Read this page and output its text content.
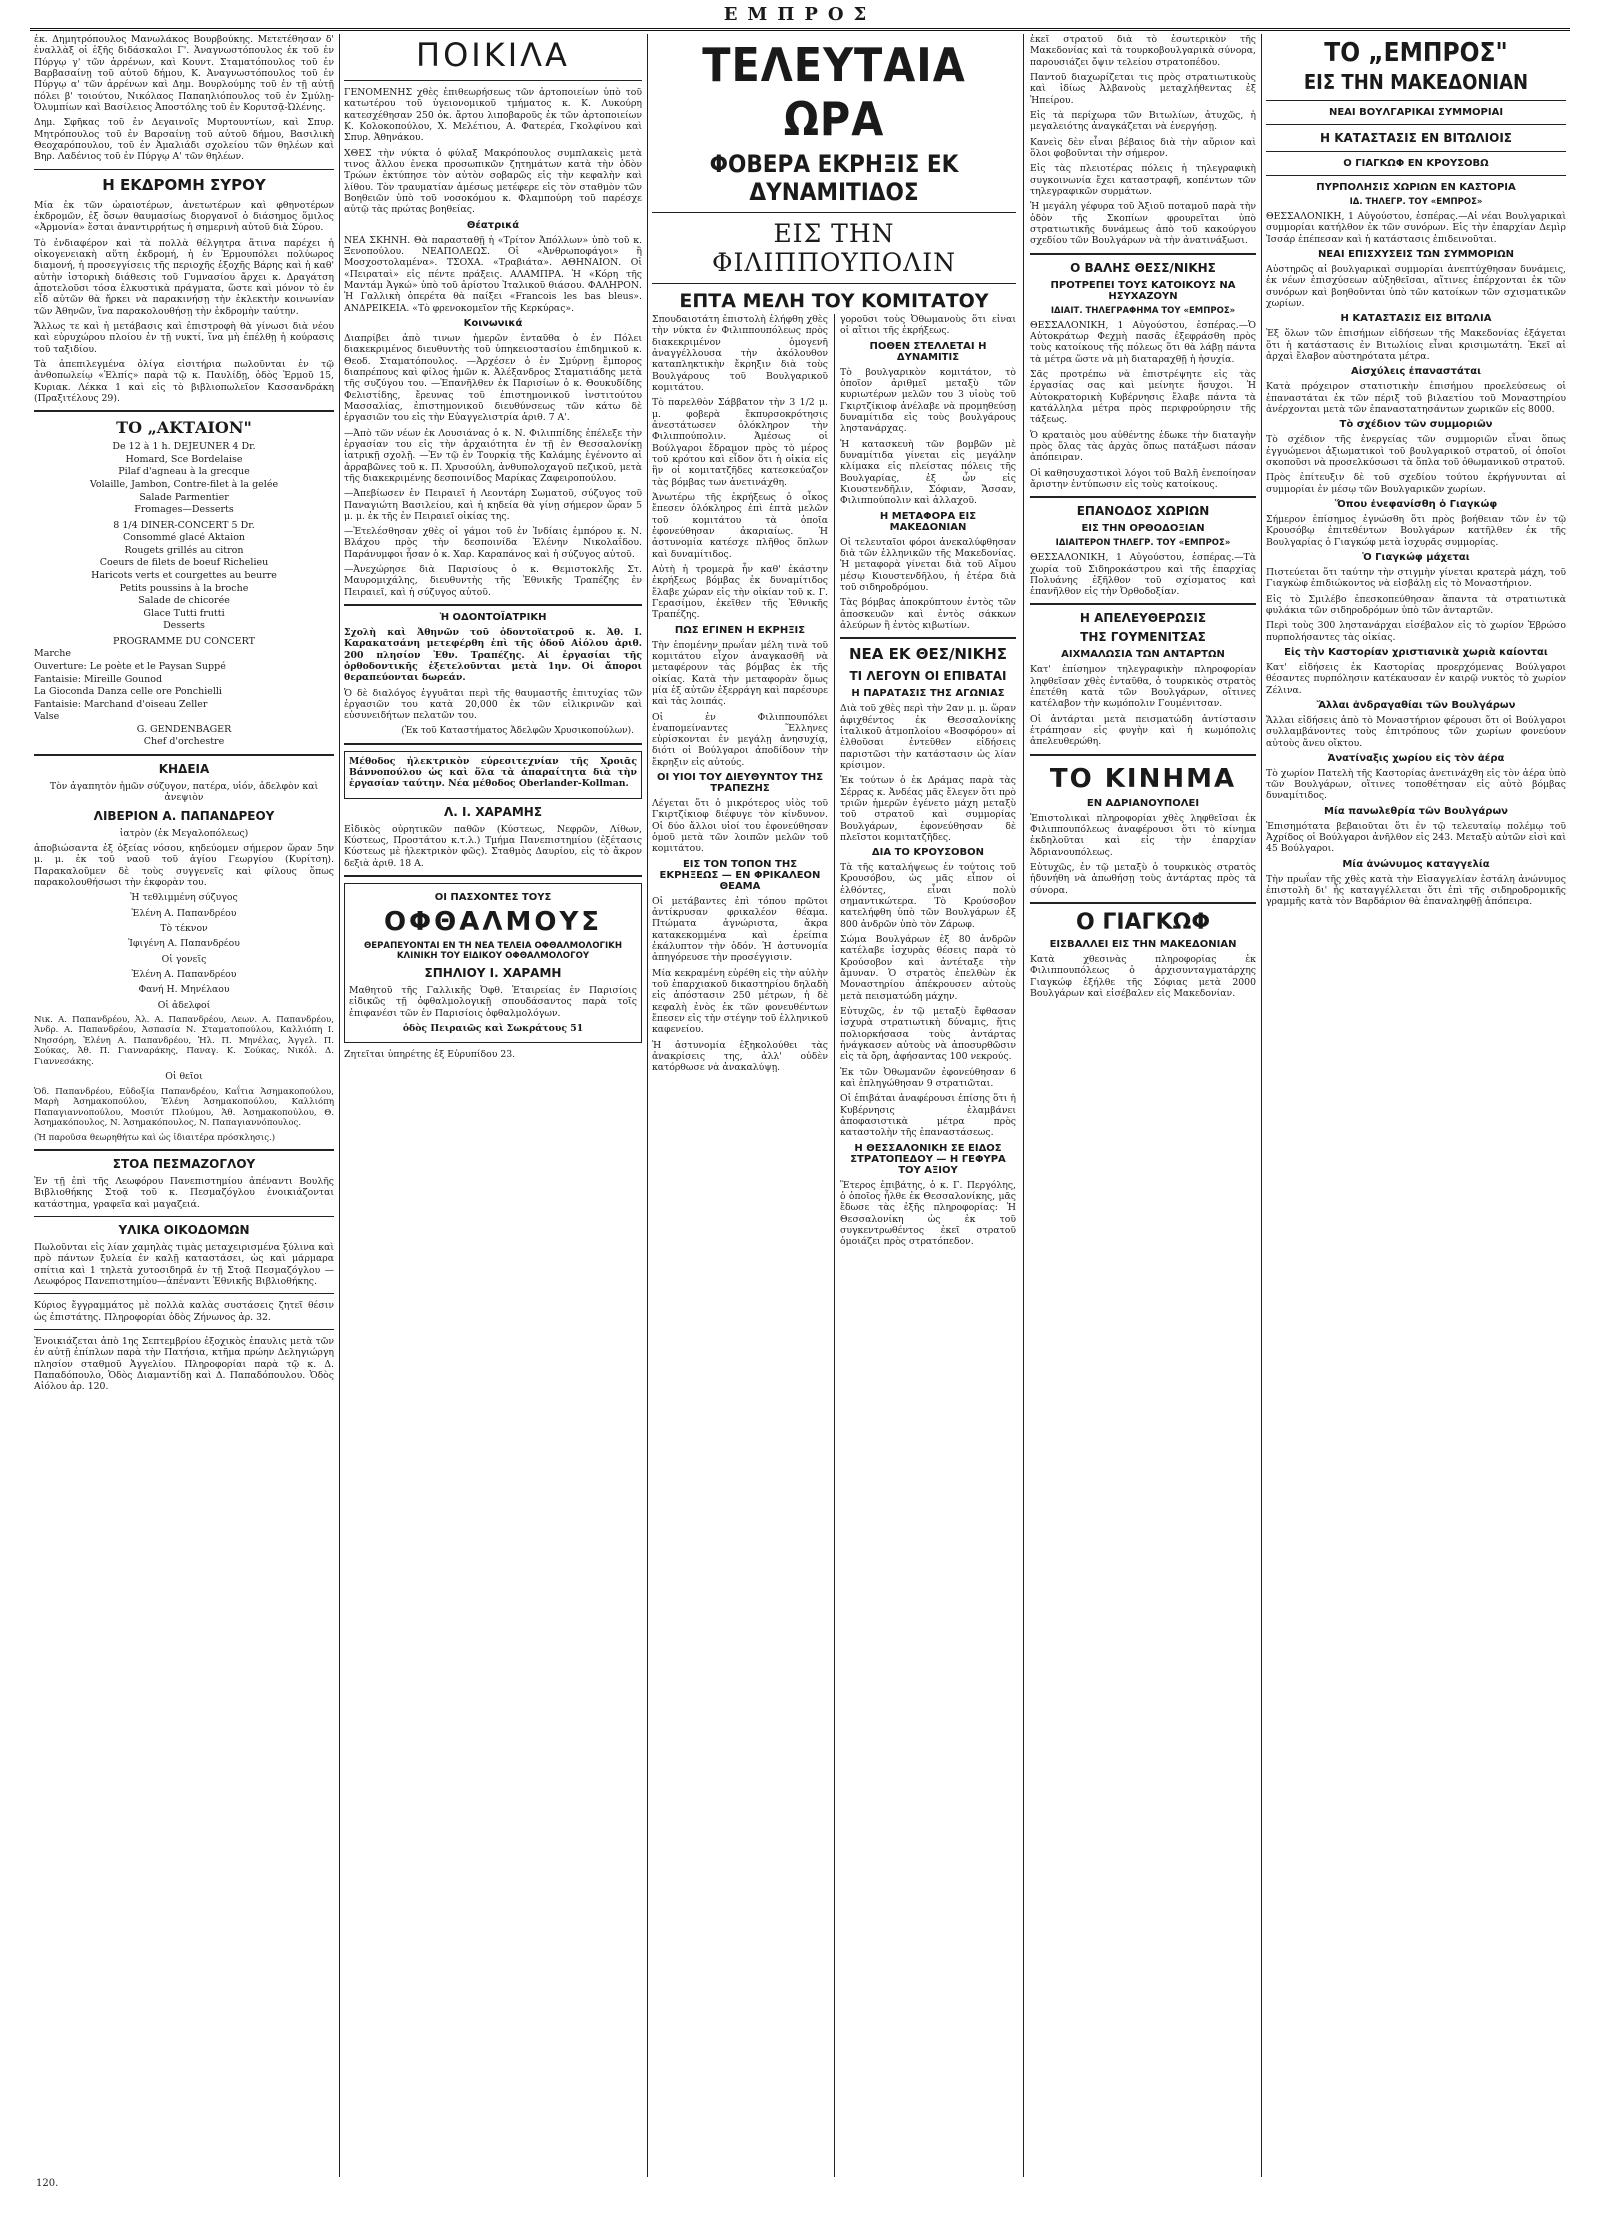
ΕΜΠΡΟΣ

ἐκ. Δημητρόπουλος Μανωλάκος Βουρβούκης. Μετετέθησαν δ' ἐναλλὰξ οἱ ἑξῆς διδάσκαλοι Γ'. Ἀναγνωστόπουλος ἐκ τοῦ ἐν Πύργῳ γ' τῶν ἀρρένων, καὶ Κουντ. Σταματόπουλος τοῦ ἐν Βαρβασαίνῃ τοῦ αὐτοῦ δήμου, Κ. Ἀναγνωστόπουλος τοῦ ἐν Πύργῳ α' τῶν ἀρρένων καὶ Δημ. Βουρλούμης τοῦ ἐν τῇ αὐτῇ πόλει β' τοιούτου, Νικόλαος Παπαηλιόπουλος τοῦ ἐν Σμύλῃ-Ὀλυμπίων καὶ Βασίλειος Ἀποστόλης τοῦ ἐν Κορυτσᾷ-Ὠλένης.

Δημ. Σφῆκας τοῦ ἐν Δεγαινοῖς Μυρτουντίων, καὶ Σπυρ. Μητρόπουλος τοῦ ἐν Βαρσαίνῃ τοῦ αὐτοῦ δήμου, Βασιλικὴ Θεοχαρόπουλου, τοῦ ἐν Ἀμαλιάδι σχολείου τῶν θηλέων καὶ Βηρ. Λαδένιος τοῦ ἐν Πύργῳ Α' τῶν θηλέων.

Η ΕΚΔΡΟΜΗ ΣΥΡΟΥ

Μία ἐκ τῶν ὡραιοτέρων, ἀνετωτέρων καὶ φθηνοτέρων ἐκδρομῶν, ἐξ ὅσων θαυμασίως διοργανοῖ ὁ διάσημος ὅμιλος «Ἀρμονία» ἔσται ἀναντιρρήτως ἡ σημερινὴ αὐτοῦ διὰ Σύρου.

Τὸ ἐνδιαφέρον καὶ τὰ πολλὰ θέλγητρα ἅτινα παρέχει ἡ οἰκογενειακὴ αὕτη ἐκδρομή, ἡ ἐν Ἑρμουπόλει πολύωρος διαμονή, ἡ προσεγγίσεις τῆς περιοχῆς ἐξοχῆς Βάρης καὶ ἡ καθ' αὐτὴν ἱστορικὴ διάθεσις τοῦ Γυμνασίου ἄρχει κ. Δραγάτση ἀποτελοῦσι τόσα ἐλκυστικὰ πράγματα, ὥστε καὶ μόνον τὸ ἐν εἶδ αὐτῶν θὰ ἤρκει νὰ παρακινήσῃ τὴν ἐκλεκτὴν κοινωνίαν τῶν Ἀθηνῶν, ἵνα παρακολουθήσῃ τὴν ἐκδρομὴν ταύτην.

Ἄλλως τε καὶ ἡ μετάβασις καὶ ἐπιστροφὴ θὰ γίνωσι διὰ νέου καὶ εὐρυχώρου πλοίου ἐν τῇ νυκτί, ἵνα μὴ ἐπέλθῃ ἡ κούρασις τοῦ ταξιδίου.

Τὰ ἀπεπιλεγμένα ὀλίγα εἰσιτήρια πωλοῦνται ἐν τῷ ἀνθοπωλείῳ «Ἐλπίς» παρὰ τῷ κ. Παυλίδῃ, ὁδὸς Ἑρμοῦ 15, Κυριακ. Λέκκα 1 καὶ εἰς τὸ βιβλιοπωλεῖον Κασσανδράκη (Πραξιτέλους 29).

ΤΟ „ΑΚΤΑΙΟΝ"

De 12 à 1 h. DEJEUNER 4 Dr.

Homard, Sce Bordelaise

Pilaf d'agneau à la grecque

Volaille, Jambon, Contre-filet à la gelée

Salade Parmentier

Fromages—Desserts

8 1/4 DINER-CONCERT 5 Dr.

Consommé glacé Aktaion

Rougets grillés au citron

Coeurs de filets de boeuf Richelieu

Haricots verts et courgettes au beurre

Petits poussins à la broche

Salade de chicorée

Glace Tutti frutti

Desserts

PROGRAMME DU CONCERT

Marche

Ouverture: Le poète et le Paysan Suppé

Fantaisie: Mireille Gounod

La Gioconda Danza celle ore Ponchielli

Fantaisie: Marchand d'oiseau Zeller

Valse

G. GENDENBAGER

Chef d'orchestre

ΚΗΔΕΙΑ

Τὸν ἀγαπητὸν ἡμῶν σύζυγον, πατέρα, υἱόν, ἀδελφὸν καὶ ἀνεψιὸν

ΛΙΒΕΡΙΟΝ Α. ΠΑΠΑΝΔΡΕΟΥ

ἰατρὸν (ἐκ Μεγαλοπόλεως)

ἀποβιώσαντα ἐξ ὀξείας νόσου, κηδεύομεν σήμερον ὥραν 5ην μ. μ. ἐκ τοῦ ναοῦ τοῦ ἁγίου Γεωργίου (Κυρίτση). Παρακαλοῦμεν δὲ τοὺς συγγενεῖς καὶ φίλους ὅπως παρακολουθήσωσι τὴν ἐκφορὰν του.

Ἡ τεθλιμμένη σύζυγος

Ἑλένη Α. Παπανδρέου

Τὸ τέκνον

Ἰφιγένη Α. Παπανδρέου

Οἱ γονεῖς

Ἑλένη Α. Παπανδρέου

Φανή Η. Μηνέλαου

Οἱ ἀδελφοί

Νικ. Α. Παπανδρέου, Ἀλ. Α. Παπανδρέου, Λεων. Α. Παπανδρέου, Ἀνδρ. Α. Παπανδρέου, Ἀσπασία Ν. Σταματοπούλου, Καλλιόπη Ι. Νησσόρη, Ἑλένη Α. Παπανδρέου, Ἠλ. Π. Μηνέλας, Ἀγγελ. Π. Σούκας, Ἀθ. Π. Γιανναράκης, Παναγ. Κ. Σούκας, Νικόλ. Δ. Γιαννεσάκης.

Οἱ θεῖοι

Ὁδ. Παπανδρέου, Εὐδοξία Παπανδρέου, Καΐτια Ἀσημακοπούλου, Μαρὴ Ἀσημακοπούλου, Ἑλένη Ἀσημακοπούλου, Καλλιόπη Παπαγιαννοπούλου, Μοσιύτ Πλούμου, Ἀθ. Ἀσημακοπούλου, Θ. Ἀσημακόπουλος, Ν. Ἀσημακόπουλος, Ν. Παπαγιαννόπουλος.

(Ἡ παροῦσα θεωρηθήτω καὶ ὡς ἰδιαιτέρα πρόσκλησις.)

ΣΤΟΑ ΠΕΣΜΑΖΟΓΛΟΥ

Ἐν τῇ ἐπὶ τῆς Λεωφόρου Πανεπιστημίου ἀπέναντι Βουλῆς Βιβλιοθήκης Στοᾷ τοῦ κ. Πεσμαζόγλου ἐνοικιάζονται κατάστημα, γραφεῖα καὶ μαγαζειά.

ΥΛΙΚΑ ΟΙΚΟΔΟΜΩΝ

Πωλοῦνται εἰς λίαν χαμηλὰς τιμὰς μεταχειρισμένα ξύλινα καὶ πρὸ πάντων ξυλεία ἐν καλῇ καταστάσει, ὡς καὶ μάρμαρα σπίτια καὶ 1 τηλετὰ χυτοσιδηρᾶ ἐν τῇ Στοᾷ Πεσμαζόγλου — Λεωφόρος Πανεπιστημίου—ἀπέναντι Ἐθνικῆς Βιβλιοθήκης.

Κύριος ἔγγραμμάτος μὲ πολλὰ καλὰς συστάσεις ζητεῖ θέσιν ὡς ἐπιστάτης. Πληροφορίαι ὁδὸς Ζήνωνος ἀρ. 32.

Ἐνοικιάζεται ἀπὸ 1ης Σεπτεμβρίου ἐξοχικὸς ἐπαυλις μετὰ τῶν ἐν αὐτῇ ἐπίπλων παρὰ τὴν Πατήσια, κτῆμα πρώην Δεληγιώργη πλησίον σταθμοῦ Ἀγγελίου. Πληροφορίαι παρὰ τῷ κ. Δ. Παπαδόπουλο, Ὁδὸς Διαμαντίδῃ καὶ Δ. Παπαδόπουλου. Ὁδὸς Αἰόλου ἀρ. 120.

ΠΟΙΚΙΛΑ

ΓΕΝΟΜΕΝΗΣ χθὲς ἐπιθεωρήσεως τῶν ἀρτοποιείων ὑπὸ τοῦ κατωτέρου τοῦ ὑγειονομικοῦ τμήματος κ. Κ. Λυκούρη κατεσχέθησαν 250 ὀκ. ἄρτου λιποβαροῦς ἐκ τῶν ἀρτοποιείων Κ. Κολοκοπούλου, Χ. Μελέτιου, Α. Φατερέα, Γκολφίνου καὶ Σπυρ. Ἀθηνάκου.

ΧΘΕΣ τὴν νύκτα ὁ φύλαξ Μακρόπουλος συμπλακεὶς μετὰ τινος ἄλλου ἐνεκα προσωπικῶν ζητημάτων κατὰ τὴν ὁδὸν Τρώων ἐκτύπησε τὸν αὐτὸν σοβαρῶς εἰς τὴν κεφαλὴν καὶ λίθου. Τὸν τραυματίαν ἀμέσως μετέφερε εἰς τὸν σταθμὸν τῶν Βοηθειῶν ὑπὸ τοῦ νοσοκόμου κ. Φλαμπούρη τοῦ παρέσχε αὐτῷ τὰς πρώτας βοηθείας.

Θέατρικά

ΝΕΑ ΣΚΗΝΗ. Θὰ παρασταθῇ ἡ «Τρίτον Ἀπόλλων» ὑπὸ τοῦ κ. Ξενοπούλου. ΝΕΑΠΟΛΕΩΣ. Οἱ «Ἀνθρωποφάγοι» ἢ Μοσχοστολαμένα». ΤΣΟΧΑ. «Τραβιάτα». ΑΘΗΝΑΙΟΝ. Οἱ «Πειραταὶ» εἰς πέντε πράξεις. ΑΛΑΜΠΡΑ. Ἡ «Κόρη τῆς Μαντάμ Ἀγκώ» ὑπὸ τοῦ ἀρίστου Ἰταλικοῦ θιάσου. ΦΑΛΗΡΟΝ. Ἡ Γαλλικὴ ὀπερέτα θὰ παίξει «Francois les bas bleus». ΑΝΔΡΕΙΚΕΙΑ. «Τὸ φρενοκομεῖον τῆς Κερκύρας».

Κοινωνικά

Διαπρίβει ἀπὸ τινων ἡμερῶν ἐνταῦθα ὁ ἐν Πόλει διακεκριμένος διευθυντὴς τοῦ ὑπηκειοστασίου ἐπιδημικοῦ κ. Θεοδ. Σταματόπουλος. —Ἀρχέσεν ὁ ἐν Σμύρνῃ ἔμπορος διαπρέπους καὶ φίλος ἡμῶν κ. Ἀλέξανδρος Σταματιάδης μετὰ τῆς συζύγου του. —Ἐπανῆλθεν ἐκ Παρισίων ὁ κ. Θουκυδίδης Φελιστίδης, ἔρευνας τοῦ ἐπιστημονικοῦ ἰνστιτούτου Μασσαλίας, ἐπιστημονικοῦ διευθύνσεως τῶν κάτω δὲ ἐργασιῶν του εἰς τὴν Εὐαγγελιστρία ἀριθ. 7 Α'.

—Ἀπὸ τῶν νέων ἐκ Λουσιάνας ὁ κ. Ν. Φιλιππίδης ἐπέλεξε τὴν ἐργασίαν του εἰς τὴν ἀρχαιότητα ἐν τῇ ἐν Θεσσαλονίκῃ ἰατρικῇ σχολῇ. —Ἐν τῷ ἐν Τουρκίᾳ τῆς Καλάμης ἐγένοντο αἱ ἀρραβῶνες τοῦ κ. Π. Χρυσούλη, ἀνθυπολοχαγοῦ πεζικοῦ, μετὰ τῆς διακεκριμένης δεσποινίδος Μαρίκας Ζαφειροπούλου.

—Ἀπεβίωσεν ἐν Πειραιεῖ ἡ Λεοντάρη Σωματοῦ, σύζυγος τοῦ Παναγιώτη Βασιλείου, καὶ ἡ κηδεία θὰ γίνῃ σήμερον ὥραν 5 μ. μ. ἐκ τῆς ἐν Πειραιεῖ οἰκίας της.

—Ἐτελέσθησαν χθὲς οἱ γάμοι τοῦ ἐν Ἰνδίαις ἐμπόρου κ. Ν. Βλάχου πρὸς τὴν δεσποινίδα Ἑλένην Νικολαΐδου. Παράνυμφοι ἦσαν ὁ κ. Χαρ. Καραπάνος καὶ ἡ σύζυγος αὐτοῦ.

—Ἀνεχώρησε διὰ Παρισίους ὁ κ. Θεμιστοκλῆς Στ. Μαυρομιχάλης, διευθυντὴς τῆς Ἐθνικῆς Τραπέζης ἐν Πειραιεῖ, καὶ ἡ σύζυγος αὐτοῦ.

Ἡ ΟΔΟΝΤΟΪΑΤΡΙΚΗ

Σχολὴ καὶ Ἀθηνῶν τοῦ ὀδοντοϊατροῦ κ. Ἀθ. Ι. Καρακατσάνη μετεφέρθη ἐπὶ τῆς ὁδοῦ Αἰόλου ἀριθ. 200 πλησίον Ἐθν. Τραπέζης. Αἱ ἐργασίαι τῆς ὀρθοδοντικῆς ἐξετελοῦνται μετὰ 1ην. Οἱ ἄποροι θεραπεύονται δωρεάν.

Ὁ δὲ διαλόγος ἐγγυᾶται περὶ τῆς θαυμαστῆς ἐπιτυχίας τῶν ἐργασιῶν του κατὰ 20,000 ἐκ τῶν εἰλικρινῶν καὶ εὐσυνειδήτων πελατῶν του.

(Ἐκ τοῦ Καταστήματος Ἀδελφῶν Χρυσικοπούλων).

Μέθοδος ἠλεκτρικὸν εὐρεσιτεχνίαν τῆς Χροιᾶς Βάννοπούλου ὡς καὶ ὅλα τὰ ἀπαραίτητα διὰ τὴν ἐργασίαν ταύτην. Νέα μέθοδος Oberlander-Kollman.

Λ. Ι. ΧΑΡΑΜΗΣ

Εἰδικὸς οὐρητικῶν παθῶν (Κύστεως, Νεφρῶν, Λίθων, Κύστεως, Προστάτου κ.τ.λ.) Τμήμα Πανεπιστημίου (ἐξέτασις Κύστεως μὲ ἠλεκτρικὸν φῶς). Σταθμὸς Δαυρίου, εἰς τὸ ἄκρον δεξιὰ ἀριθ. 18 Α.

ΟΙ ΠΑΣΧΟΝΤΕΣ ΤΟΥΣ
ΟΦΘΑΛΜΟΥΣ
ΘΕΡΑΠΕΥΟΝΤΑΙ ΕΝ ΤΗ ΝΕΑ ΤΕΛΕΙΑ ΟΦΘΑΛΜΟΛΟΓΙΚΗ ΚΛΙΝΙΚΗ ΤΟΥ ΕΙΔΙΚΟΥ ΟΦΘΑΛΜΟΛΟΓΟΥ
ΣΠΗΛΙΟΥ Ι. ΧΑΡΑΜΗ

Μαθητοῦ τῆς Γαλλικῆς Ὀφθ. Ἑταιρείας ἐν Παρισίοις εἰδικῶς τῇ ὀφθαλμολογικῇ σπουδάσαντος παρὰ τοῖς ἐπιφανέσι τῶν ἐν Παρισίοις ὀφθαλμολόγων.

ὁδὸς Πειραιῶς καὶ Σωκράτους 51

Ζητεῖται ὑπηρέτης ἐξ Εὐρυπίδου 23.

ΤΕΛΕΥΤΑΙΑ ΩΡΑ
ΦΟΒΕΡΑ ΕΚΡΗΞΙΣ ΕΚ ΔΥΝΑΜΙΤΙΔΟΣ
ΕΙΣ ΤΗΝ ΦΙΛΙΠΠΟΥΠΟΛΙΝ
ΕΠΤΑ ΜΕΛΗ ΤΟΥ ΚΟΜΙΤΑΤΟΥ

Σπουδαιοτάτη ἐπιστολὴ ἐλήφθη χθὲς τὴν νύκτα ἐν Φιλιππουπόλεως πρὸς διακεκριμένον ὁμογενῆ ἀναγγέλλουσα τὴν ἀκόλουθον καταπληκτικὴν ἔκρηξιν διὰ τοὺς Βουλγάρους τοῦ Βουλγαρικοῦ κομιτάτου.

Τὸ παρελθὸν Σάββατον τὴν 3 1/2 μ. μ. φοβερὰ ἔκπυρσοκρότησις ἀνεστάτωσεν ὁλόκληρον τὴν Φιλιππούπολιν. Ἀμέσως οἱ Βούλγαροι ἔδραμον πρὸς τὸ μέρος τοῦ κρότου καὶ εἶδον ὅτι ἡ οἰκία εἰς ἣν οἱ κομιτατζῆδες κατεσκεύαζον τὰς βόμβας των ἀνετινάχθη.

Ἀνωτέρω τῆς ἐκρήξεως ὁ οἶκος ἔπεσεν ὁλόκληρος ἐπὶ ἑπτὰ μελῶν τοῦ κομιτάτου τὰ ὁποῖα ἐφονεύθησαν ἀκαριαίως. Ἡ ἀστυνομία κατέσχε πλῆθος ὅπλων καὶ δυναμίτιδος.

Αὐτὴ ἡ τρομερὰ ἦν καθ' ἐκάστην ἐκρήξεως βόμβας ἐκ δυναμίτιδος ἔλαβε χώραν εἰς τὴν οἰκίαν τοῦ κ. Γ. Γερασίμου, ἐκεῖθεν τῆς Ἐθνικῆς Τραπέζης.

ΠΩΣ ΕΓΙΝΕΝ Η ΕΚΡΗΞΙΣ

Τὴν ἑπομένην πρωΐαν μέλη τινὰ τοῦ κομιτάτου εἶχον ἀναγκασθῆ νὰ μεταφέρουν τὰς βόμβας ἐκ τῆς οἰκίας. Κατὰ τὴν μεταφορὰν ὅμως μία ἐξ αὐτῶν ἐξερράγη καὶ παρέσυρε καὶ τὰς λοιπάς.

Οἱ ἐν Φιλιππουπόλει ἐναπομείναντες Ἕλληνες εὑρίσκονται ἐν μεγάλῃ ἀνησυχίᾳ, διότι οἱ Βούλγαροι ἀποδίδουν τὴν ἔκρηξιν εἰς αὐτούς.

ΟΙ ΥΙΟΙ ΤΟΥ ΔΙΕΥΘΥΝΤΟΥ ΤΗΣ ΤΡΑΠΕΖΗΣ

Λέγεται ὅτι ὁ μικρότερος υἱὸς τοῦ Γκιρτζίκιοφ διέφυγε τὸν κίνδυνον. Οἱ δύο ἄλλοι υἱοί του ἐφονεύθησαν ὁμοῦ μετὰ τῶν λοιπῶν μελῶν τοῦ κομιτάτου.

ΕΙΣ ΤΟΝ ΤΟΠΟΝ ΤΗΣ ΕΚΡΗΞΕΩΣ — ΕΝ ΦΡΙΚΑΛΕΟΝ ΘΕΑΜΑ

Οἱ μετάβαντες ἐπὶ τόπου πρῶτοι ἀντίκρυσαν φρικαλέον θέαμα. Πτώματα ἀγνώριστα, ἄκρα κατακεκομμένα καὶ ἐρείπια ἐκάλυπτον τὴν ὁδόν. Ἡ ἀστυνομία ἀπηγόρευσε τὴν προσέγγισιν.

Μία κεκραμένη εὑρέθη εἰς τὴν αὐλὴν τοῦ ἐπαρχιακοῦ δικαστηρίου δηλαδὴ εἰς ἀπόστασιν 250 μέτρων, ἡ δὲ κεφαλὴ ἑνὸς ἐκ τῶν φονευθέντων ἔπεσεν εἰς τὴν στέγην τοῦ ἐλληνικοῦ καφενείου.

Ἡ ἀστυνομία ἐξηκολούθει τὰς ἀνακρίσεις της, ἀλλ' οὐδὲν κατόρθωσε νὰ ἀνακαλύψῃ.

γοροῦσι τοὺς Ὀθωμανοὺς ὅτι εἶναι οἱ αἴτιοι τῆς ἐκρήξεως.

ΠΟΘΕΝ ΣΤΕΛΛΕΤΑΙ Η ΔΥΝΑΜΙΤΙΣ

Τὸ βουλγαρικὸν κομιτάτον, τὸ ὁποῖον ἀριθμεῖ μεταξὺ τῶν κυριωτέρων μελῶν του 3 υἱοὺς τοῦ Γκιρτζίκιοφ ἀνέλαβε νὰ προμηθεύσῃ δυναμίτιδα εἰς τοὺς βουλγάρους ληστανάρχας.

Ἡ κατασκευὴ τῶν βομβῶν μὲ δυναμίτιδα γίνεται εἰς μεγάλην κλίμακα εἰς πλείστας πόλεις τῆς Βουλγαρίας, ἐξ ὧν εἰς Κιουστενδῆλιν, Σόφιαν, Ἄσσαν, Φιλιππούπολιν καὶ ἀλλαχοῦ.

Η ΜΕΤΑΦΟΡΑ ΕΙΣ ΜΑΚΕΔΟΝΙΑΝ

Οἱ τελευταῖοι φόροι ἀνεκαλύφθησαν διὰ τῶν ἐλληνικῶν τῆς Μακεδονίας. Ἡ μεταφορὰ γίνεται διὰ τοῦ Αἴμου μέσῳ Κιουστενδῆλου, ἡ ἑτέρα διὰ τοῦ σιδηροδρόμου.

Τὰς βόμβας ἀποκρύπτουν ἐντὸς τῶν ἀποσκευῶν καὶ ἐντὸς σάκκων ἀλεύρων ἢ ἐντὸς κιβωτίων.

ΝΕΑ ΕΚ ΘΕΣ/ΝΙΚΗΣ
ΤΙ ΛΕΓΟΥΝ ΟΙ ΕΠΙΒΑΤΑΙ
Η ΠΑΡΑΤΑΣΙΣ ΤΗΣ ΑΓΩΝΙΑΣ

Διὰ τοῦ χθὲς περὶ τὴν 2αν μ. μ. ὥραν ἀφιχθέντος ἐκ Θεσσαλονίκης ἰταλικοῦ ἀτμοπλοίου «Βοσφόρου» αἱ ἐλθοῦσαι ἐντεῦθεν εἰδήσεις παριστῶσι τὴν κατάστασιν ὡς λίαν κρίσιμον.

Ἐκ τούτων ὁ ἐκ Δράμας παρὰ τὰς Σέρρας κ. Ἀνδέας μᾶς ἔλεγεν ὅτι πρὸ τριῶν ἡμερῶν ἐγένετο μάχη μεταξὺ τοῦ στρατοῦ καὶ συμμορίας Βουλγάρων, ἐφονεύθησαν δὲ πλεῖστοι κομιτατζῆδες.

ΔΙΑ ΤΟ ΚΡΟΥΣΟΒΟΝ

Τὰ τῆς καταλήψεως ἐν τούτοις τοῦ Κρουσόβου, ὡς μᾶς εἶπον οἱ ἐλθόντες, εἶναι πολὺ σημαντικώτερα. Τὸ Κρούσοβον κατελήφθη ὑπὸ τῶν Βουλγάρων ἐξ 800 ἀνδρῶν ὑπὸ τὸν Ζάρωφ.

Σώμα Βουλγάρων ἐξ 80 ἀνδρῶν κατέλαβε ἰσχυρὰς θέσεις παρὰ τὸ Κρούσοβον καὶ ἀντέταξε τὴν ἄμυναν. Ὁ στρατὸς ἐπελθὼν ἐκ Μοναστηρίου ἀπέκρουσεν αὐτοὺς μετὰ πεισματώδη μάχην.

Εὐτυχῶς, ἐν τῷ μεταξὺ ἔφθασαν ἰσχυρὰ στρατιωτικὴ δύναμις, ἥτις πολιορκήσασα τοὺς ἀντάρτας ἠνάγκασεν αὐτοὺς νὰ ἀποσυρθῶσιν εἰς τὰ ὄρη, ἀφήσαντας 100 νεκρούς.

Ἐκ τῶν Ὀθωμανῶν ἐφονεύθησαν 6 καὶ ἐπληγώθησαν 9 στρατιῶται.

Οἱ ἐπιβάται ἀναφέρουσι ἐπίσης ὅτι ἡ Κυβέρνησις ἐλαμβάνει ἀποφασιστικὰ μέτρα πρὸς καταστολὴν τῆς ἐπαναστάσεως.

Η ΘΕΣΣΑΛΟΝΙΚΗ ΣΕ ΕΙΔΟΣ ΣΤΡΑΤΟΠΕΔΟΥ — Η ΓΕΦΥΡΑ ΤΟΥ ΑΞΙΟΥ

Ἕτερος ἐπιβάτης, ὁ κ. Γ. Περγόλης, ὁ ὁποῖος ἦλθε ἐκ Θεσσαλονίκης, μᾶς ἔδωσε τὰς ἑξῆς πληροφορίας: Ἡ Θεσσαλονίκη ὡς ἐκ τοῦ συγκεντρωθέντος ἐκεῖ στρατοῦ ὁμοιάζει πρὸς στρατόπεδον.

ἐκεῖ στρατοῦ διὰ τὸ ἐσωτερικὸν τῆς Μακεδονίας καὶ τὰ τουρκοβουλγαρικὰ σύνορα, παρουσιάζει ὄψιν τελείου στρατοπέδου.

Παντοῦ διαχωρίζεται τις πρὸς στρατιωτικοὺς καὶ ἰδίως Ἀλβανοὺς μεταχλήθεντας ἐξ Ἠπείρου.

Εἰς τὰ περίχωρα τῶν Βιτωλίων, ἀτυχῶς, ἡ μεγαλειότης ἀναγκάζεται νὰ ἐνεργήσῃ.

Κανεὶς δὲν εἶναι βέβαιος διὰ τὴν αὔριον καὶ ὅλοι φοβοῦνται τὴν σήμερον.

Εἰς τὰς πλειοτέρας πόλεις ἡ τηλεγραφικὴ συγκοινωνία ἔχει καταστραφῆ, κοπέντων τῶν τηλεγραφικῶν συρμάτων.

Ἡ μεγάλη γέφυρα τοῦ Ἀξιοῦ ποταμοῦ παρὰ τὴν ὁδὸν τῆς Σκοπίων φρουρεῖται ὑπὸ στρατιωτικῆς δυνάμεως ἀπὸ τοῦ κακούργου σχεδίου τῶν Βουλγάρων νὰ τὴν ἀνατινάξωσι.

Ο ΒΑΛΗΣ ΘΕΣΣ/ΝΙΚΗΣ
ΠΡΟΤΡΕΠΕΙ ΤΟΥΣ ΚΑΤΟΙΚΟΥΣ ΝΑ ΗΣΥΧΑΖΟΥΝ
ΙΔΙΑΙΤ. ΤΗΛΕΓΡΑΦΗΜΑ ΤΟΥ «ΕΜΠΡΟΣ»

ΘΕΣΣΑΛΟΝΙΚΗ, 1 Αὐγούστου, ἑσπέρας.—Ὁ Αὐτοκράτωρ Φεχμὴ πασᾶς ἐξεφράσθη πρὸς τοὺς κατοίκους τῆς πόλεως ὅτι θὰ λάβῃ πάντα τὰ μέτρα ὥστε νὰ μὴ διαταραχθῇ ἡ ἡσυχία.

Σᾶς προτρέπω νὰ ἐπιστρέψητε εἰς τὰς ἐργασίας σας καὶ μείνητε ἥσυχοι. Ἡ Αὐτοκρατορικὴ Κυβέρνησις ἔλαβε πάντα τὰ κατάλληλα μέτρα πρὸς περιφρούρησιν τῆς τάξεως.

Ὁ κραταιὸς μου αὐθέντης ἐδωκε τὴν διαταγὴν πρὸς ὅλας τὰς ἀρχὰς ὅπως πατάξωσι πάσαν ἀπόπειραν.

Οἱ καθησυχαστικοὶ λόγοι τοῦ Βαλῆ ἐνεποίησαν ἄριστην ἐντύπωσιν εἰς τοὺς κατοίκους.

ΕΠΑΝΟΔΟΣ ΧΩΡΙΩΝ
ΕΙΣ ΤΗΝ ΟΡΘΟΔΟΞΙΑΝ
ΙΔΙΑΙΤΕΡΟΝ ΤΗΛΕΓΡ. ΤΟΥ «ΕΜΠΡΟΣ»

ΘΕΣΣΑΛΟΝΙΚΗ, 1 Αὐγούστου, ἑσπέρας.—Τὰ χωρία τοῦ Σιδηροκάστρου καὶ τῆς ἐπαρχίας Πολυάνης ἐξῆλθον τοῦ σχίσματος καὶ ἐπανῆλθον εἰς τὴν Ὀρθοδοξίαν.

Η ΑΠΕΛΕΥΘΕΡΩΣΙΣ
ΤΗΣ ΓΟΥΜΕΝΙΤΣΑΣ
ΑΙΧΜΑΛΩΣΙΑ ΤΩΝ ΑΝΤΑΡΤΩΝ

Κατ' ἐπίσημον τηλεγραφικὴν πληροφορίαν ληφθεῖσαν χθὲς ἐνταῦθα, ὁ τουρκικὸς στρατὸς ἐπετέθη κατὰ τῶν Βουλγάρων, οἵτινες κατέλαβον τὴν κωμόπολιν Γουμένιτσαν.

Οἱ ἀντάρται μετὰ πεισματώδη ἀντίστασιν ἐτράπησαν εἰς φυγὴν καὶ ἡ κωμόπολις ἀπελευθερώθη.

ΤΟ ΚΙΝΗΜΑ
ΕΝ ΑΔΡΙΑΝΟΥΠΟΛΕΙ

Ἐπιστολικαὶ πληροφορίαι χθὲς ληφθεῖσαι ἐκ Φιλιππουπόλεως ἀναφέρουσι ὅτι τὸ κίνημα ἐκδηλοῦται καὶ εἰς τὴν ἐπαρχίαν Ἀδριανουπόλεως.

Εὐτυχῶς, ἐν τῷ μεταξὺ ὁ τουρκικὸς στρατὸς ἠδυνήθη νὰ ἀπωθήσῃ τοὺς ἀντάρτας πρὸς τὰ σύνορα.

Ο ΓΙΑΓΚΩΦ
ΕΙΣΒΑΛΛΕΙ ΕΙΣ ΤΗΝ ΜΑΚΕΔΟΝΙΑΝ

Κατὰ χθεσινὰς πληροφορίας ἐκ Φιλιππουπόλεως ὁ ἀρχισυνταγματάρχης Γιαγκώφ ἐξήλθε τῆς Σόφιας μετὰ 2000 Βουλγάρων καὶ εἰσέβαλεν εἰς Μακεδονίαν.

ΤΟ „ΕΜΠΡΟΣ"
ΕΙΣ ΤΗΝ ΜΑΚΕΔΟΝΙΑΝ
ΝΕΑΙ ΒΟΥΛΓΑΡΙΚΑΙ ΣΥΜΜΟΡΙΑΙ
Η ΚΑΤΑΣΤΑΣΙΣ ΕΝ ΒΙΤΩΛΙΟΙΣ
Ο ΓΙΑΓΚΩΦ ΕΝ ΚΡΟΥΣΟΒΩ
ΠΥΡΠΟΛΗΣΙΣ ΧΩΡΙΩΝ ΕΝ ΚΑΣΤΟΡΙΑ
ΙΔ. ΤΗΛΕΓΡ. ΤΟΥ «ΕΜΠΡΟΣ»

ΘΕΣΣΑΛΟΝΙΚΗ, 1 Αὐγούστου, ἑσπέρας.—Αἱ νέαι Βουλγαρικαὶ συμμορίαι κατήλθον ἐκ τῶν συνόρων. Εἰς τὴν ἐπαρχίαν Δεμὶρ Ἱσσάρ ἐπέπεσαν καὶ ἡ κατάστασις ἐπιδεινοῦται.

ΝΕΑΙ ΕΠΙΣΧΥΣΕΙΣ ΤΩΝ ΣΥΜΜΟΡΙΩΝ

Αὐστηρῶς αἱ βουλγαρικαὶ συμμορίαι ἀνεπτύχθησαν δυνάμεις, ἐκ νέων ἐπισχύσεων αὐξηθεῖσαι, αἵτινες ἐπέρχονται ἐκ τῶν συνόρων καὶ βοηθοῦνται ὑπὸ τῶν κατοίκων τῶν σχισματικῶν χωρίων.

Η ΚΑΤΑΣΤΑΣΙΣ ΕΙΣ ΒΙΤΩΛΙΑ

Ἐξ ὅλων τῶν ἐπισήμων εἰδήσεων τῆς Μακεδονίας ἐξάγεται ὅτι ἡ κατάστασις ἐν Βιτωλίοις εἶναι κρισιμωτάτη. Ἐκεῖ αἱ ἀρχαὶ ἔλαβον αὐστηρότατα μέτρα.

Αἰσχύλεις ἐπαναστάται

Κατὰ πρόχειρον στατιστικὴν ἐπισήμου προελεύσεως οἱ ἐπαναστάται ἐκ τῶν πέριξ τοῦ βιλαετίου τοῦ Μοναστηρίου ἀνέρχονται μετὰ τῶν ἐπαναστατησάντων χωρικῶν εἰς 8000.

Τὸ σχέδιον τῶν συμμοριῶν

Τὸ σχέδιον τῆς ἐνεργείας τῶν συμμοριῶν εἶναι ὅπως ἐγγυώμενοι ἀξιωματικοὶ τοῦ βουλγαρικοῦ στρατοῦ, οἱ ὁποῖοι σκοποῦσι νὰ προσελκύσωσι τὰ ὅπλα τοῦ ὀθωμανικοῦ στρατοῦ.

Πρὸς ἐπίτευξιν δὲ τοῦ σχεδίου τούτου ἐκρήγνυνται αἱ συμμορίαι ἐν μέσῳ τῶν Βουλγαρικῶν χωρίων.

Ὅπου ἐνεφανίσθη ὁ Γιαγκώφ

Σήμερον ἐπίσημος ἐγνώσθη ὅτι πρὸς βοήθειαν τῶν ἐν τῷ Κρουσόβῳ ἐπιτεθέντων Βουλγάρων κατῆλθεν ἐκ τῆς Βουλγαρίας ὁ Γιαγκώφ μετὰ ἰσχυρᾶς συμμορίας.

Ὁ Γιαγκώφ μάχεται

Πιστεύεται ὅτι ταύτην τὴν στιγμὴν γίνεται κρατερὰ μάχη, τοῦ Γιαγκὼφ ἐπιδιώκοντος νὰ εἰσβάλῃ εἰς τὸ Μοναστήριον.

Εἰς τὸ Σμιλέβο ἐπεσκοπεύθησαν ἅπαντα τὰ στρατιωτικὰ φυλάκια τῶν σιδηροδρόμων ὑπὸ τῶν ἀνταρτῶν.

Περὶ τοὺς 300 ληστανάρχαι εἰσέβαλον εἰς τὸ χωρίον Ἐβρώσο πυρπολήσαντες τὰς οἰκίας.

Εἰς τὴν Καστορίαν χριστιανικὰ χωριὰ καίονται

Κατ' εἰδήσεις ἐκ Καστορίας προερχόμενας Βούλγαροι θέσαντες πυρπόλησιν κατέκαυσαν ἐν καιρῷ νυκτὸς τὸ χωρίον Ζέλινα.

Ἄλλαι ἀνδραγαθίαι τῶν Βουλγάρων

Ἄλλαι εἰδήσεις ἀπὸ τὸ Μοναστήριον φέρουσι ὅτι οἱ Βούλγαροι συλλαμβάνοντες τοὺς ἐπιτρόπους τῶν χωρίων φονεύουν αὐτοὺς ἄνευ οἴκτου.

Ἀνατίναξις χωρίου εἰς τὸν ἀέρα

Τὸ χωρίον Πατελὴ τῆς Καστορίας ἀνετινάχθη εἰς τὸν ἀέρα ὑπὸ τῶν Βουλγάρων, οἵτινες τοποθέτησαν εἰς αὐτὸ βόμβας δυναμίτιδος.

Μία πανωλεθρία τῶν Βουλγάρων

Ἐπισημότατα βεβαιοῦται ὅτι ἐν τῷ τελευταίῳ πολέμῳ τοῦ Ἀχρίδος οἱ Βούλγαροι ἀνῆλθον εἰς 243. Μεταξὺ αὐτῶν εἰσὶ καὶ 45 Βούλγαροι.

Μία ἀνώνυμος καταγγελία

Τὴν πρωΐαν τῆς χθὲς κατὰ τὴν Εἰσαγγελίαν ἐστάλη ἀνώνυμος ἐπιστολὴ δι' ἧς καταγγέλλεται ὅτι ἐπὶ τῆς σιδηροδρομικῆς γραμμῆς κατὰ τὸν Βαρδάριον θὰ ἐπαναληφθῇ ἀπόπειρα.

120.
